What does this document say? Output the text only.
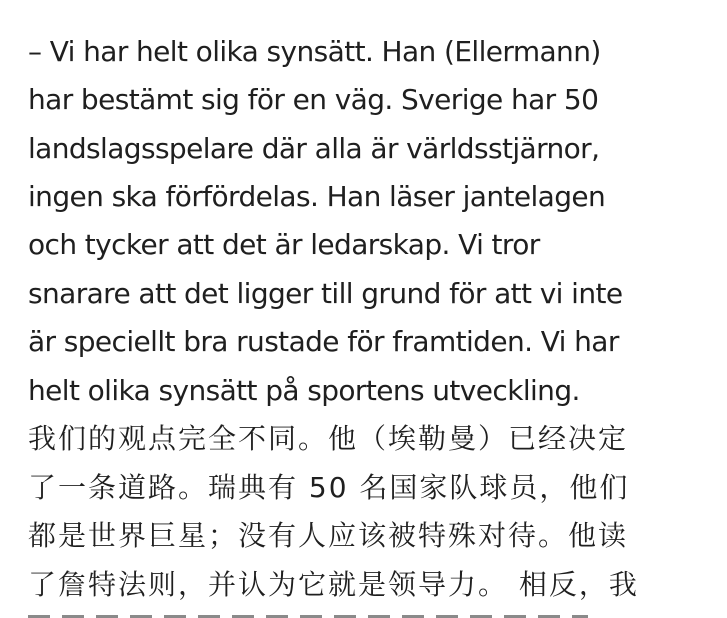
– Vi har helt olika synsätt. Han (Ellermann)
har bestämt sig för en väg. Sverige har 50
landslagsspelare där alla är världsstjärnor,
ingen ska förfördelas. Han läser jantelagen
och tycker att det är ledarskap. Vi tror
snarare att det ligger till grund för att vi inte
är speciellt bra rustade för framtiden. Vi har
helt olika synsätt på sportens utveckling.
我们的观点完全不同。他（埃勒曼）已经决定
了一条道路。瑞典有 50 名国家队球员，他们
都是世界巨星；没有人应该被特殊对待。他读
了詹特法则，并认为它就是领导力。 相反，我
